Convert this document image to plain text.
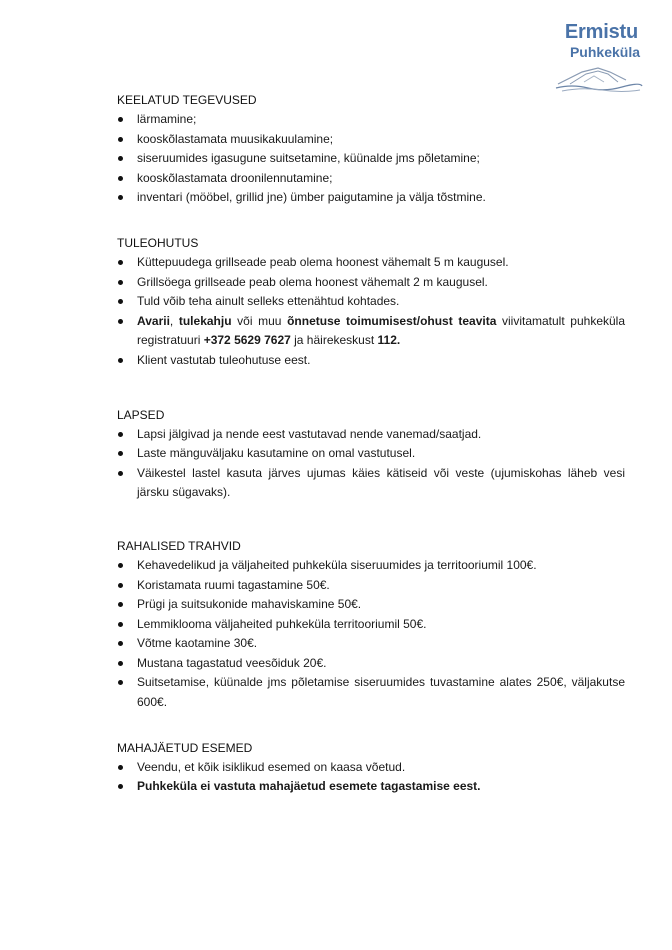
Ermistu
Puhkeküla
KEELATUD TEGEVUSED
lärmamine;
kooskõlastamata muusikakuulamine;
siseruumides igasugune suitsetamine, küünalde jms põletamine;
kooskõlastamata droonilennutamine;
inventari (mööbel, grillid jne) ümber paigutamine ja välja tõstmine.
TULEOHUTUS
Küttepuudega grillseade peab olema hoonest vähemalt 5 m kaugusel.
Grillsöega grillseade peab olema hoonest vähemalt 2 m kaugusel.
Tuld võib teha ainult selleks ettenähtud kohtades.
Avarii, tulekahju või muu õnnetuse toimumisest/ohust teavita viivitamatult puhkeküla registratuuri +372 5629 7627 ja häirekeskust 112.
Klient vastutab tuleohutuse eest.
LAPSED
Lapsi jälgivad ja nende eest vastutavad nende vanemad/saatjad.
Laste mänguväljaku kasutamine on omal vastutusel.
Väikestel lastel kasuta järves ujumas käies kätiseid või veste (ujumiskohas läheb vesi järsku sügavaks).
RAHALISED TRAHVID
Kehavedelikud ja väljaheited puhkeküla siseruumides ja territooriumil 100€.
Koristamata ruumi tagastamine 50€.
Prügi ja suitsukonide mahaviskamine 50€.
Lemmiklooma väljaheited puhkeküla territooriumil 50€.
Võtme kaotamine 30€.
Mustana tagastatud veesõiduk 20€.
Suitsetamise, küünalde jms põletamise siseruumides tuvastamine alates 250€, väljakutse 600€.
MAHAJÄETUD ESEMED
Veendu, et kõik isiklikud esemed on kaasa võetud.
Puhkeküla ei vastuta mahajäetud esemete tagastamise eest.
